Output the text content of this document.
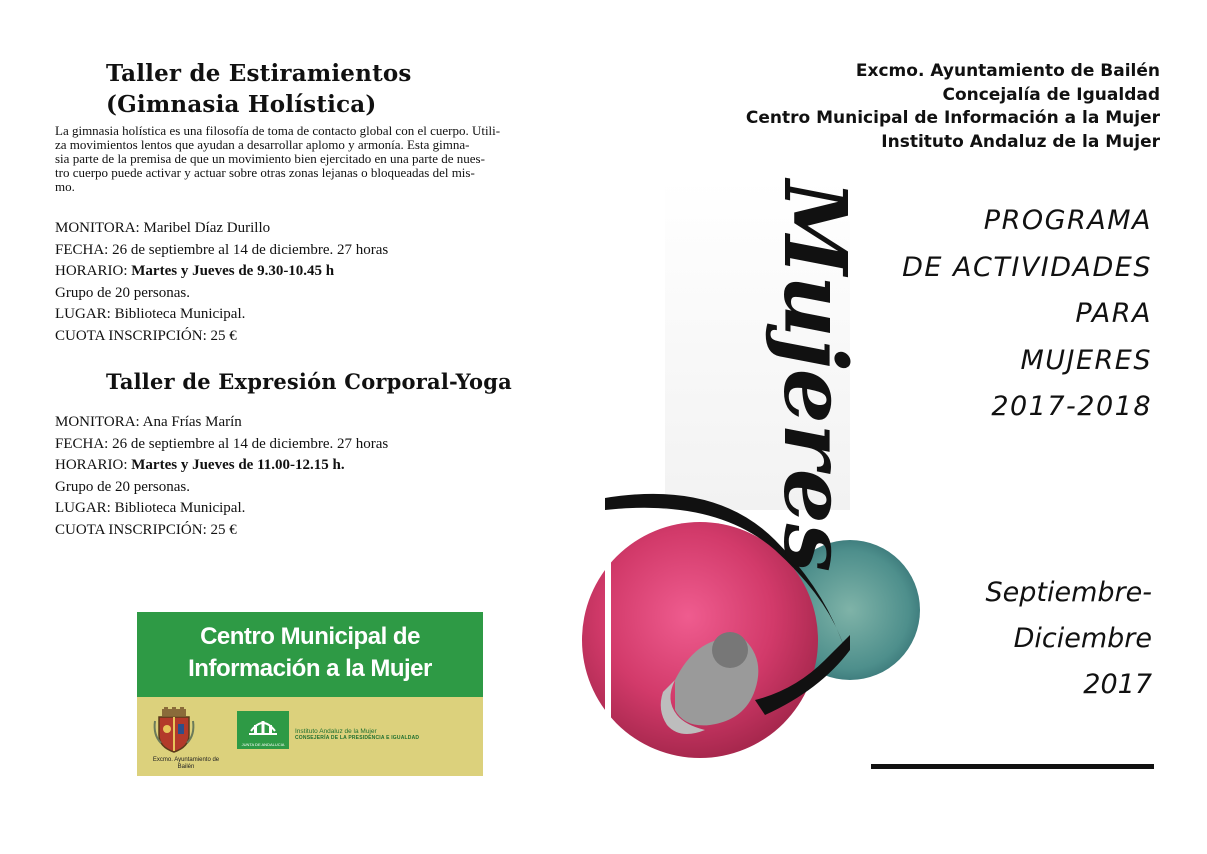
Taller de Estiramientos
(Gimnasia Holística)
La gimnasia holística es una filosofía de toma de contacto global con el cuerpo. Utili-
za movimientos lentos que ayudan a desarrollar aplomo y armonía. Esta gimna-
sia parte de la premisa de que un movimiento bien ejercitado en una parte de nues-
tro cuerpo puede activar y actuar sobre otras zonas lejanas o bloqueadas del mis-
mo.
MONITORA: Maribel Díaz Durillo
FECHA: 26 de septiembre al 14 de diciembre. 27 horas
HORARIO: Martes y Jueves de 9.30-10.45 h
Grupo de 20 personas.
LUGAR: Biblioteca Municipal.
CUOTA INSCRIPCIÓN: 25 €
Taller de Expresión Corporal-Yoga
MONITORA: Ana Frías Marín
FECHA: 26 de septiembre al 14 de diciembre. 27 horas
HORARIO: Martes y Jueves de 11.00-12.15 h.
Grupo de 20 personas.
LUGAR: Biblioteca Municipal.
CUOTA INSCRIPCIÓN: 25 €
Centro Municipal de
Información a la Mujer
Excmo. Ayuntamiento de
Bailén
JUNTA DE ANDALUCIA
Instituto Andaluz de la Mujer
CONSEJERÍA DE LA PRESIDENCIA E IGUALDAD
Excmo. Ayuntamiento de Bailén
Concejalía de Igualdad
Centro Municipal de Información a la Mujer
Instituto Andaluz de la Mujer
Mujeres	PROGRAMA
DE ACTIVIDADES
PARA
MUJERES
2017-2018
Septiembre-
Diciembre
2017
